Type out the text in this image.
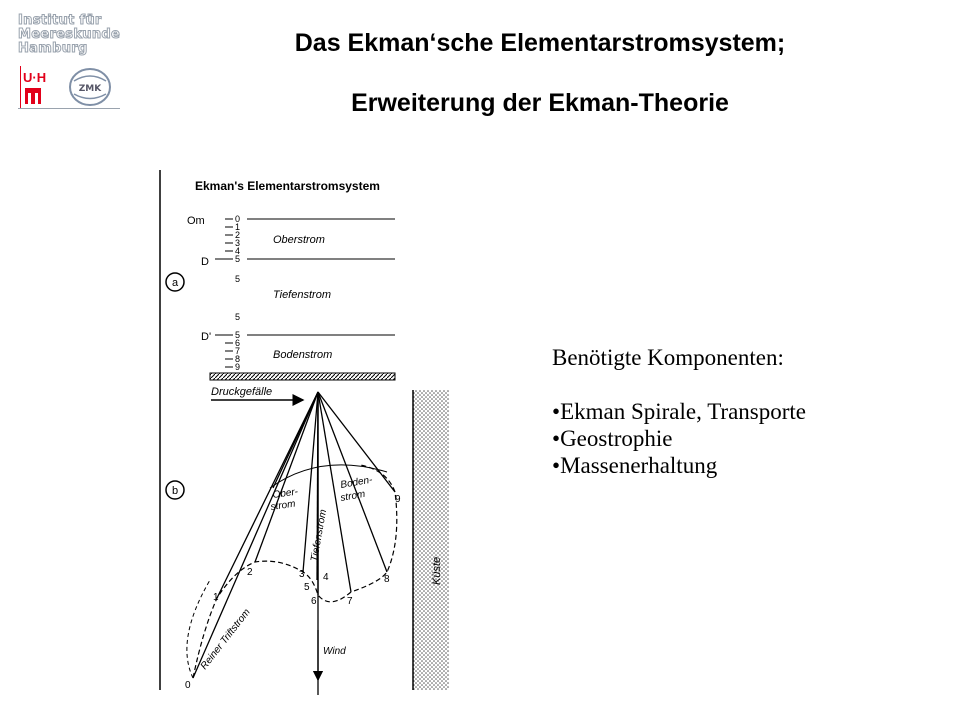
Institut für
Meereskunde
Hamburg
U·H
ZMK
Das Ekman‘sche Elementarstromsystem;
Erweiterung der Ekman-Theorie
Ekman's Elementarstromsystem
Om
D
D'
0
1
2
3
4
5
Oberstrom
5
Tiefenstrom
5
5
6
7
8
9
Bodenstrom
a
Druckgefälle
b
Küste
0
1
2	3 4
5
6	7
8
9
Ober-
strom
Boden-
strom
Tiefenstrom
Reiner Triftstrom	Wind
Benötigte Komponenten:
•Ekman Spirale, Transporte
•Geostrophie
•Massenerhaltung
